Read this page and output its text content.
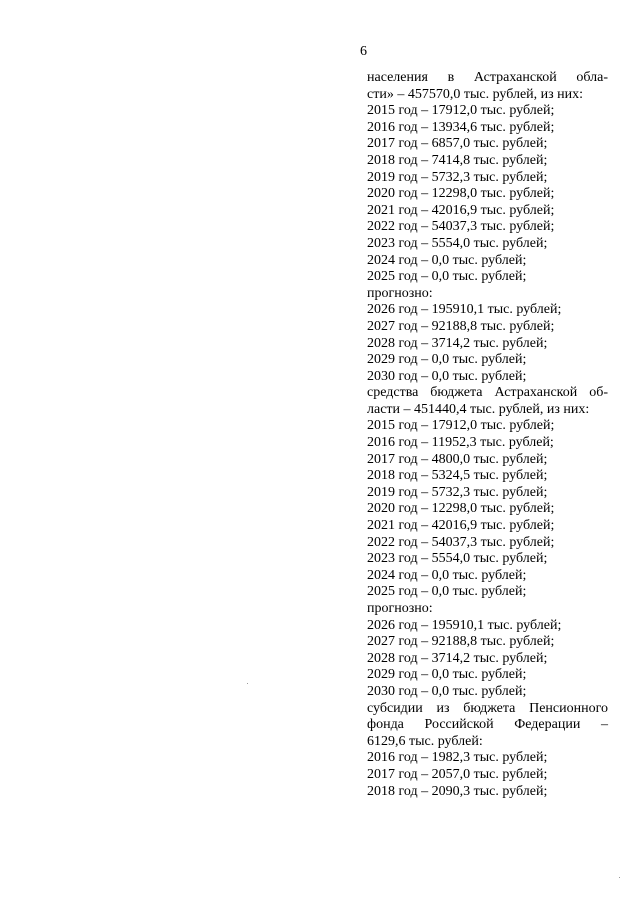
6
населения в Астраханской обла-
сти» – 457570,0 тыс. рублей, из них:
2015 год – 17912,0 тыс. рублей;
2016 год – 13934,6 тыс. рублей;
2017 год – 6857,0 тыс. рублей;
2018 год – 7414,8 тыс. рублей;
2019 год – 5732,3 тыс. рублей;
2020 год – 12298,0 тыс. рублей;
2021 год – 42016,9 тыс. рублей;
2022 год – 54037,3 тыс. рублей;
2023 год – 5554,0 тыс. рублей;
2024 год – 0,0 тыс. рублей;
2025 год – 0,0 тыс. рублей;
прогнозно:
2026 год – 195910,1 тыс. рублей;
2027 год – 92188,8 тыс. рублей;
2028 год – 3714,2 тыс. рублей;
2029 год – 0,0 тыс. рублей;
2030 год – 0,0 тыс. рублей;
средства бюджета Астраханской об-
ласти – 451440,4 тыс. рублей, из них:
2015 год – 17912,0 тыс. рублей;
2016 год – 11952,3 тыс. рублей;
2017 год – 4800,0 тыс. рублей;
2018 год – 5324,5 тыс. рублей;
2019 год – 5732,3 тыс. рублей;
2020 год – 12298,0 тыс. рублей;
2021 год – 42016,9 тыс. рублей;
2022 год – 54037,3 тыс. рублей;
2023 год – 5554,0 тыс. рублей;
2024 год – 0,0 тыс. рублей;
2025 год – 0,0 тыс. рублей;
прогнозно:
2026 год – 195910,1 тыс. рублей;
2027 год – 92188,8 тыс. рублей;
2028 год – 3714,2 тыс. рублей;
2029 год – 0,0 тыс. рублей;
2030 год – 0,0 тыс. рублей;
субсидии из бюджета Пенсионного
фонда Российской Федерации –
6129,6 тыс. рублей:
2016 год – 1982,3 тыс. рублей;
2017 год – 2057,0 тыс. рублей;
2018 год – 2090,3 тыс. рублей;
